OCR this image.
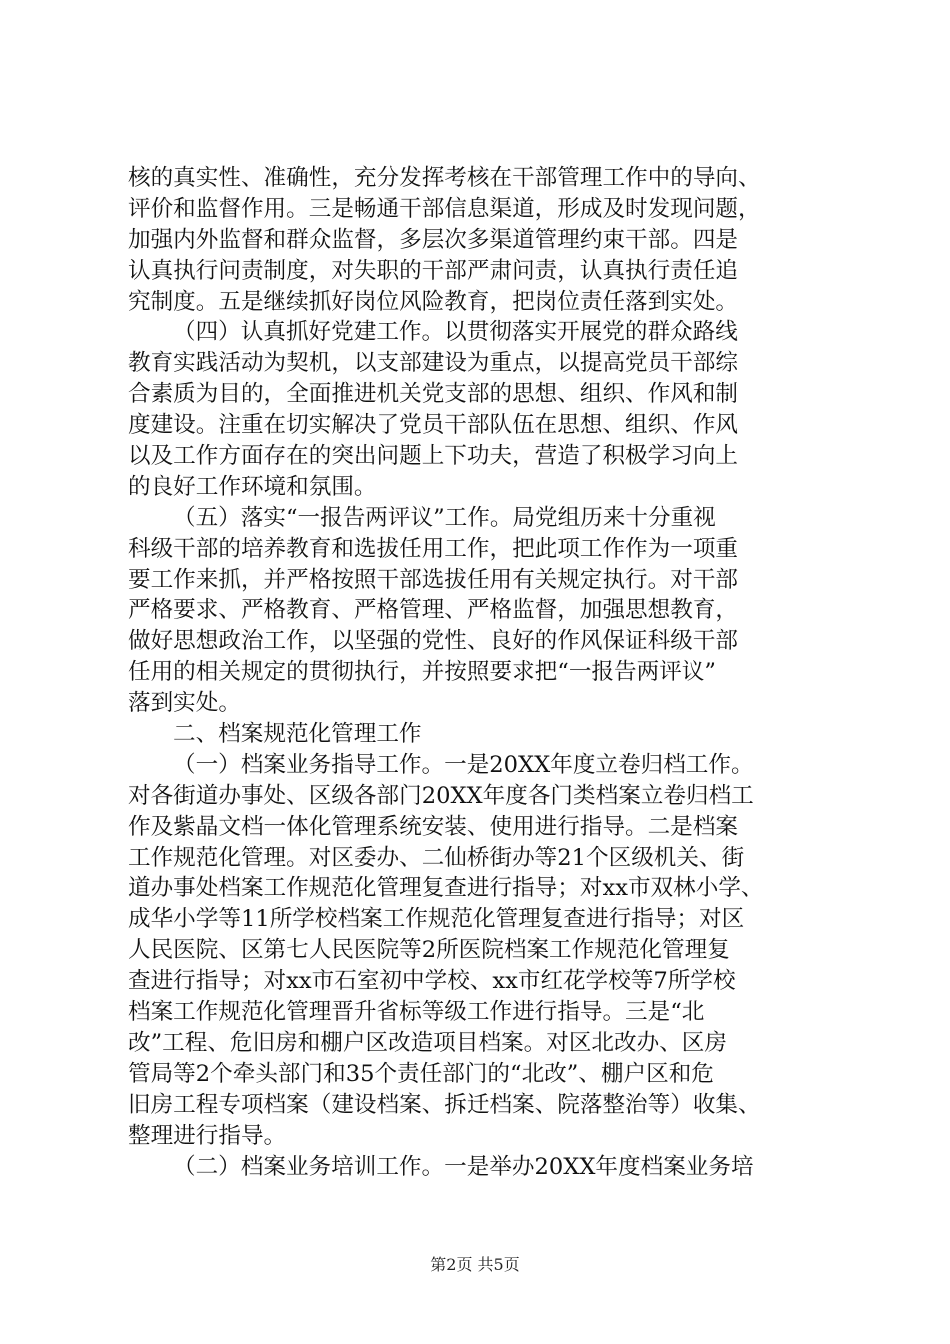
核的真实性、准确性，充分发挥考核在干部管理工作中的导向、
评价和监督作用。三是畅通干部信息渠道，形成及时发现问题，
加强内外监督和群众监督，多层次多渠道管理约束干部。四是
认真执行问责制度，对失职的干部严肃问责，认真执行责任追
究制度。五是继续抓好岗位风险教育，把岗位责任落到实处。
（四）认真抓好党建工作。以贯彻落实开展党的群众路线
教育实践活动为契机，以支部建设为重点，以提高党员干部综
合素质为目的，全面推进机关党支部的思想、组织、作风和制
度建设。注重在切实解决了党员干部队伍在思想、组织、作风
以及工作方面存在的突出问题上下功夫，营造了积极学习向上
的良好工作环境和氛围。
（五）落实“一报告两评议”工作。局党组历来十分重视
科级干部的培养教育和选拔任用工作，把此项工作作为一项重
要工作来抓，并严格按照干部选拔任用有关规定执行。对干部
严格要求、严格教育、严格管理、严格监督，加强思想教育，
做好思想政治工作，以坚强的党性、良好的作风保证科级干部
任用的相关规定的贯彻执行，并按照要求把“一报告两评议”
落到实处。
二、档案规范化管理工作
（一）档案业务指导工作。一是20XX年度立卷归档工作。
对各街道办事处、区级各部门20XX年度各门类档案立卷归档工
作及紫晶文档一体化管理系统安装、使用进行指导。二是档案
工作规范化管理。对区委办、二仙桥街办等21个区级机关、街
道办事处档案工作规范化管理复查进行指导；对xx市双林小学、
成华小学等11所学校档案工作规范化管理复查进行指导；对区
人民医院、区第七人民医院等2所医院档案工作规范化管理复
查进行指导；对xx市石室初中学校、xx市红花学校等7所学校
档案工作规范化管理晋升省标等级工作进行指导。三是“北
改”工程、危旧房和棚户区改造项目档案。对区北改办、区房
管局等2个牵头部门和35个责任部门的“北改”、棚户区和危
旧房工程专项档案（建设档案、拆迁档案、院落整治等）收集、
整理进行指导。
（二）档案业务培训工作。一是举办20XX年度档案业务培
第2页 共5页
